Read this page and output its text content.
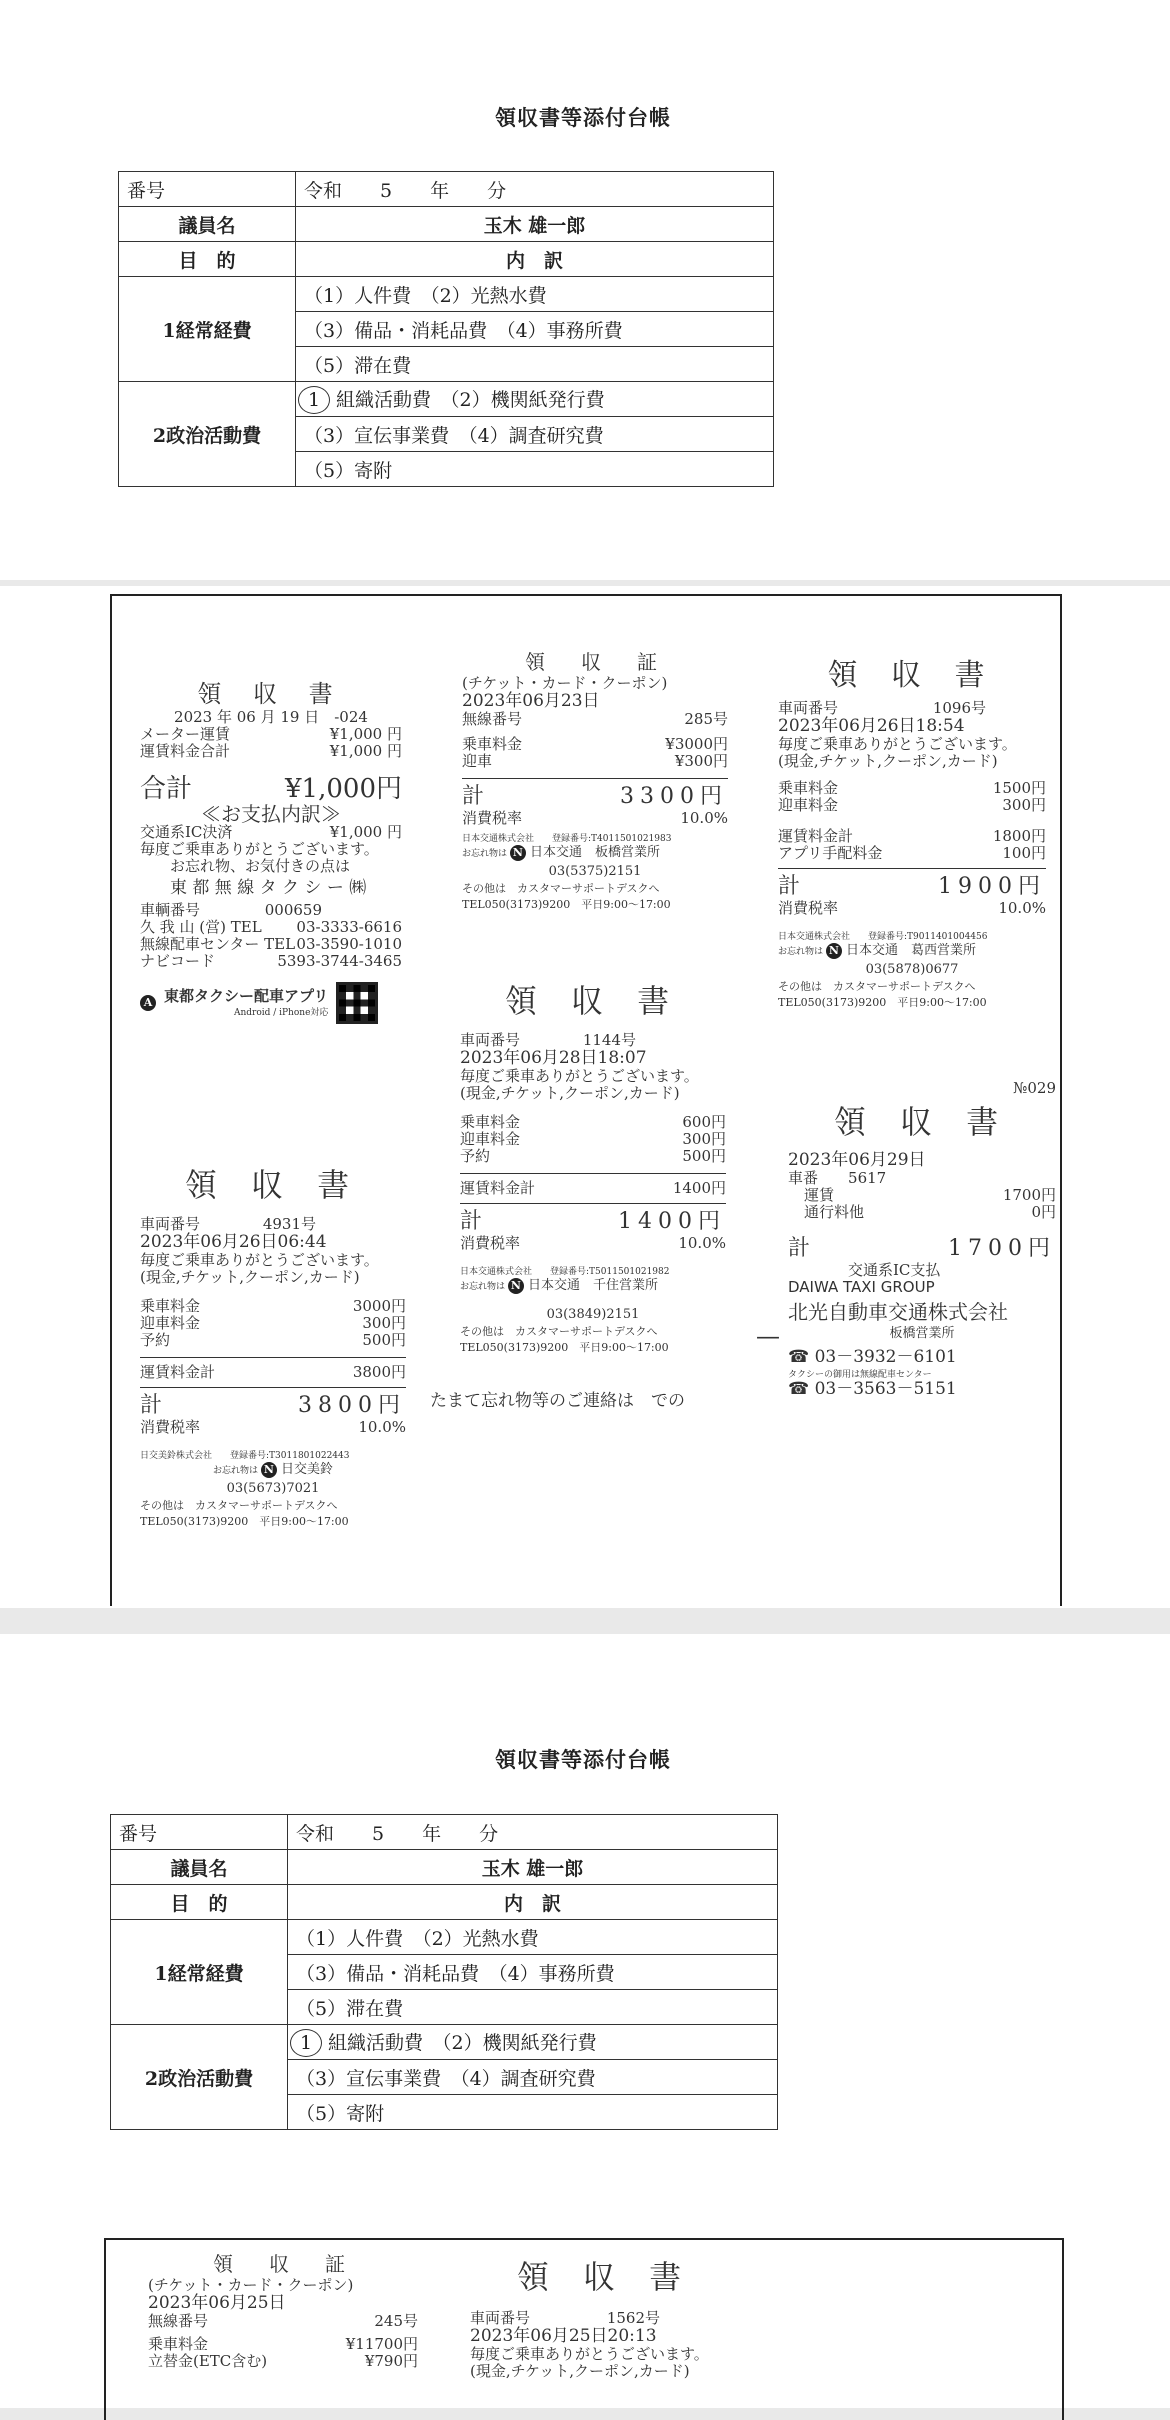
領収書等添付台帳
番号	令和　　5　　年　　分
議員名	玉木 雄一郎
目　的	内　訳
1経常経費	（1）人件費　（2）光熱水費
	（3）備品・消耗品費　（4）事務所費
	（5）滞在費
2政治活動費	1 組織活動費　（2）機関紙発行費
	（3）宣伝事業費　（4）調査研究費
	（5）寄附
領 収 書
2023 年 06 月 19 日　-024
メーター運賃	¥1,000 円
運賃料金合計	¥1,000 円
合計	¥1,000円
≪お支払内訳≫
交通系IC決済	¥1,000 円
毎度ご乗車ありがとうございます。
お忘れ物、お気付きの点は
東 都 無 線 タ ク シ ー ㈱
車輌番号	000659
久 我 山 (営) TEL 03-3333-6616
無線配車センター TEL 03-3590-1010
ナビコード	5393-3744-3465
A 東都タクシー配車アプリ
Android / iPhone対応
領　収　証
(チケット・カード・クーポン)
2023年06月23日
無線番号	285号
乗車料金	¥3000円
迎車	¥300円
計	3300円
消費税率	10.0%
日本交通株式会社　　登録番号:T4011501021983
お忘れ物は N 日本交通　板橋営業所
03(5375)2151
その他は　カスタマーサポートデスクへ
TEL050(3173)9200　平日9:00～17:00
領 収 書
車両番号	1096号
2023年06月26日18:54
毎度ご乗車ありがとうございます。
(現金,チケット,クーポン,カード)
乗車料金	1500円
迎車料金	300円
運賃料金計	1800円
アプリ手配料金	100円
計	1900円
消費税率	10.0%
日本交通株式会社　　登録番号:T9011401004456
お忘れ物は N 日本交通　葛西営業所
03(5878)0677
その他は　カスタマーサポートデスクへ
TEL050(3173)9200　平日9:00～17:00
領 収 書
車両番号	1144号
2023年06月28日18:07
毎度ご乗車ありがとうございます。
(現金,チケット,クーポン,カード)
乗車料金	600円
迎車料金	300円
予約	500円
運賃料金計	1400円
計	1400円
消費税率	10.0%
日本交通株式会社　　登録番号:T5011501021982
お忘れ物は N 日本交通　千住営業所
03(3849)2151
その他は　カスタマーサポートデスクへ
TEL050(3173)9200　平日9:00～17:00	—
№029
領 収 書
2023年06月29日
車番　　 5617
運賃	1700円
通行料他	0円
計	1700円
交通系IC支払
DAIWA TAXI GROUP
北光自動車交通株式会社
板橋営業所
☎ 03－3932－6101
タクシーの御用は無線配車センター
☎ 03－3563－5151
領 収 書
車両番号	4931号
2023年06月26日06:44
毎度ご乗車ありがとうございます。
(現金,チケット,クーポン,カード)
乗車料金	3000円
迎車料金	300円
予約	500円
運賃料金計	3800円
計	3800円
消費税率	10.0%
日交美鈴株式会社　　登録番号:T3011801022443
お忘れ物は N 日交美鈴
03(5673)7021
その他は　カスタマーサポートデスクへ
TEL050(3173)9200　平日9:00～17:00
たまて忘れ物等のご連絡は　 での
領収書等添付台帳
番号	令和　　5　　年　　分
議員名	玉木 雄一郎
目　的	内　訳
1経常経費	（1）人件費　（2）光熱水費
	（3）備品・消耗品費　（4）事務所費
	（5）滞在費
2政治活動費	1 組織活動費　（2）機関紙発行費
	（3）宣伝事業費　（4）調査研究費
	（5）寄附
領　収　証
(チケット・カード・クーポン)
2023年06月25日
無線番号	245号
乗車料金	¥11700円
立替金(ETC含む)	¥790円
領 収 書
車両番号	1562号
2023年06月25日20:13
毎度ご乗車ありがとうございます。
(現金,チケット,クーポン,カード)
